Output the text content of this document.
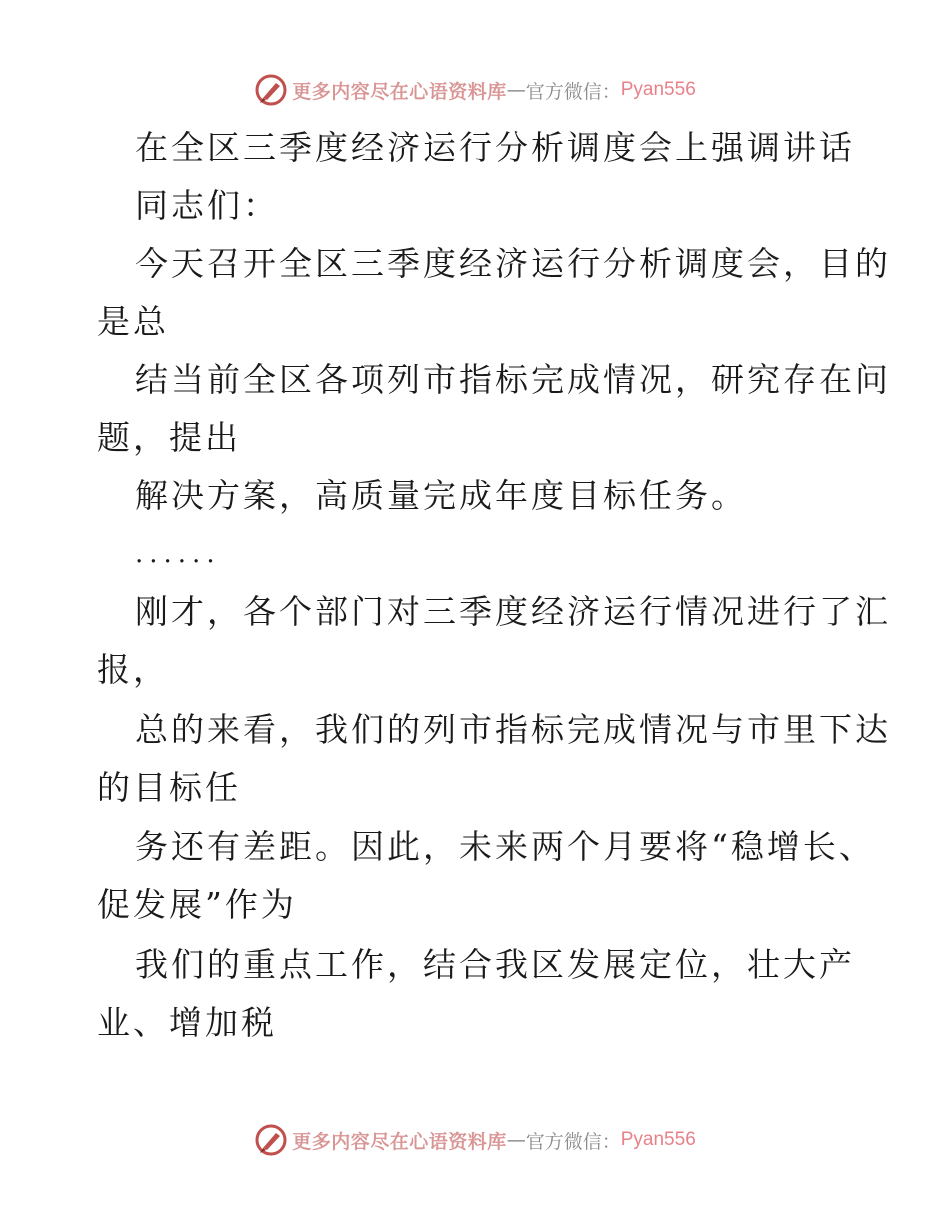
更多内容尽在心语资料库 — 官方微信： Pyan556
在全区三季度经济运行分析调度会上强调讲话
同志们：
今天召开全区三季度经济运行分析调度会，目的
是总
结当前全区各项列市指标完成情况，研究存在问
题，提出
解决方案，高质量完成年度目标任务。
......
刚才，各个部门对三季度经济运行情况进行了汇
报，
总的来看，我们的列市指标完成情况与市里下达
的目标任
务还有差距。因此，未来两个月要将“稳增长、
促发展”作为
我们的重点工作，结合我区发展定位，壮大产
业、增加税
更多内容尽在心语资料库 — 官方微信： Pyan556
